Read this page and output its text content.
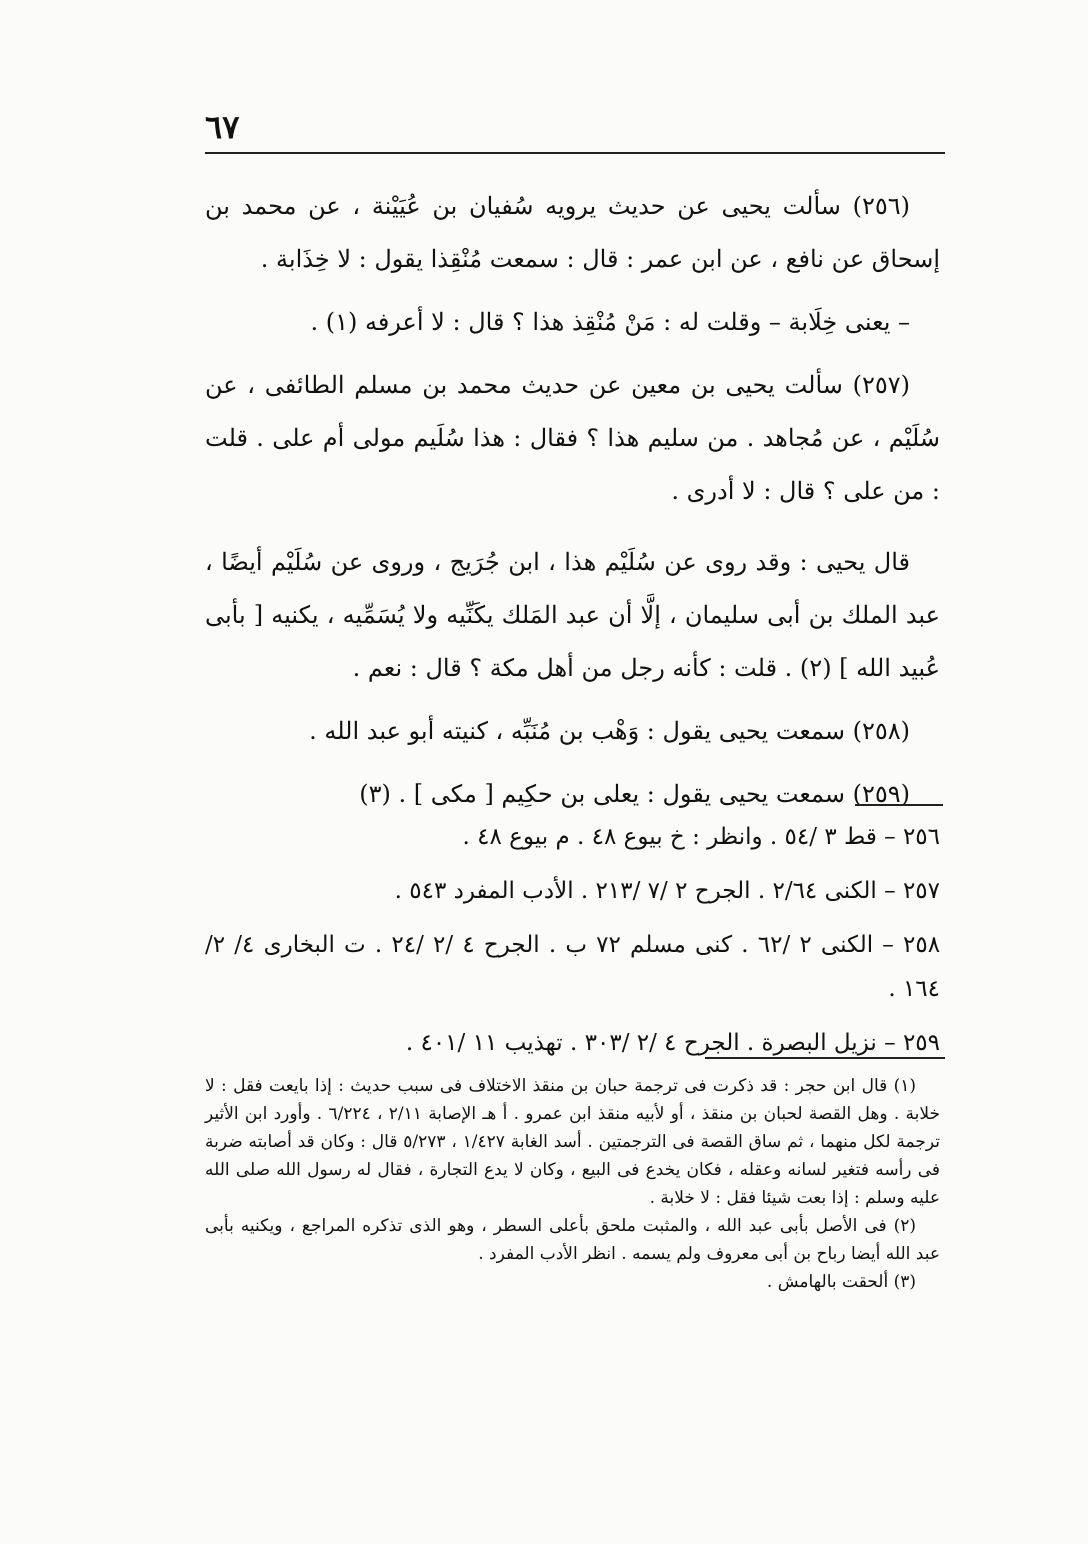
٦٧

(٢٥٦) سألت يحيى عن حديث يرويه سُفيان بن عُيَيْنة ، عن محمد بن إسحاق عن نافع ، عن ابن عمر : قال : سمعت مُنْقِذا يقول : لا خِذَابة .

– يعنى خِلَابة – وقلت له : مَنْ مُنْقِذ هذا ؟ قال : لا أعرفه (١) .

(٢٥٧) سألت يحيى بن معين عن حديث محمد بن مسلم الطائفى ، عن سُلَيْم ، عن مُجاهد . من سليم هذا ؟ فقال : هذا سُلَيم مولى أم على . قلت : من على ؟ قال : لا أدرى .

قال يحيى : وقد روى عن سُلَيْم هذا ، ابن جُرَيج ، وروى عن سُلَيْم أيضًا ، عبد الملك بن أبى سليمان ، إلَّا أن عبد المَلك يكَنِّيه ولا يُسَمِّيه ، يكنيه [ بأبى عُبيد الله ] (٢) . قلت : كأنه رجل من أهل مكة ؟ قال : نعم .

(٢٥٨) سمعت يحيى يقول : وَهْب بن مُنَبِّه ، كنيته أبو عبد الله .

(٢٥٩) سمعت يحيى يقول : يعلى بن حكِيم [ مكى ] . (٣)

٢٥٦ – قط ٣ /٥٤ . وانظر : خ بيوع ٤٨ . م بيوع ٤٨ .

٢٥٧ – الكنى ٢/٦٤ . الجرح ٢ /٧ /٢١٣ . الأدب المفرد ٥٤٣ .

٢٥٨ – الكنى ٢ /٦٢ . كنى مسلم ٧٢ ب . الجرح ٤ /٢ /٢٤ . ت البخارى ٤/ ٢/ ١٦٤ .

٢٥٩ – نزيل البصرة . الجرح ٤ /٢ /٣٠٣ . تهذيب ١١ /٤٠١ .

(١) قال ابن حجر : قد ذكرت فى ترجمة حبان بن منقذ الاختلاف فى سبب حديث : إذا بايعت فقل : لا خلابة . وهل القصة لحبان بن منقذ ، أو لأبيه منقذ ابن عمرو . أ هـ الإصابة ٢/١١ ، ٦/٢٢٤ . وأورد ابن الأثير ترجمة لكل منهما ، ثم ساق القصة فى الترجمتين . أسد الغابة ١/٤٢٧ ، ٥/٢٧٣ قال : وكان قد أصابته ضربة فى رأسه فتغير لسانه وعقله ، فكان يخدع فى البيع ، وكان لا يدع التجارة ، فقال له رسول الله صلى الله عليه وسلم : إذا بعت شيئا فقل : لا خلابة .

(٢) فى الأصل بأبى عبد الله ، والمثبت ملحق بأعلى السطر ، وهو الذى تذكره المراجع ، ويكنيه بأبى عبد الله أيضا رباح بن أبى معروف ولم يسمه . انظر الأدب المفرد .

(٣) ألحقت بالهامش .
